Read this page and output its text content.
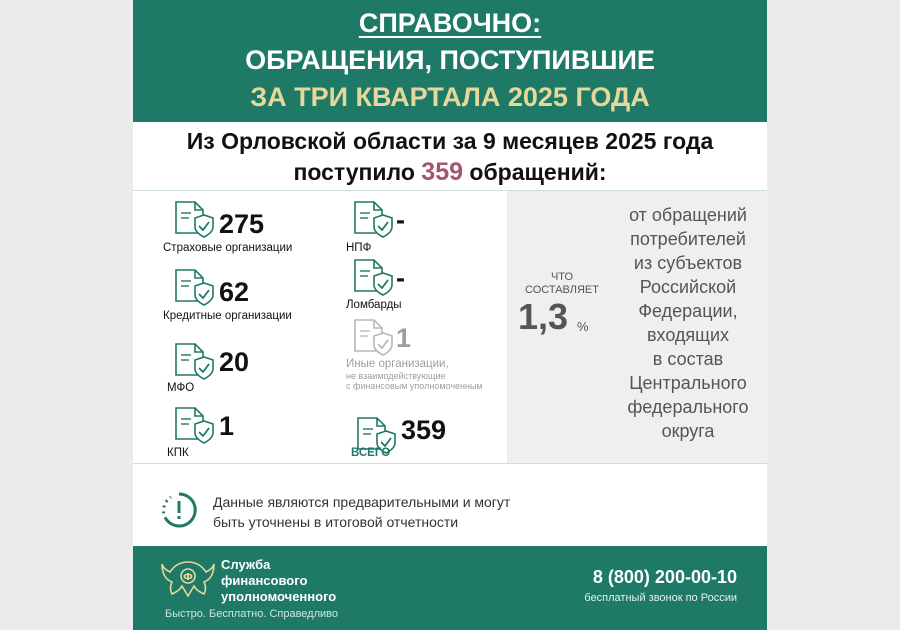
СПРАВОЧНО:
ОБРАЩЕНИЯ, ПОСТУПИВШИЕ
ЗА ТРИ КВАРТАЛА 2025 ГОДА
Из Орловской области за 9 месяцев 2025 года
поступило 359 обращений:
275
Страховые организации
62
Кредитные организации
20
МФО
1
КПК
-
НПФ
-
Ломбарды
1
Иные организации,
не взаимодействующие
с финансовым уполномоченным
359
ВСЕГО
ЧТО
СОСТАВЛЯЕТ
1,3 %
от обращений
потребителей
из субъектов
Российской
Федерации,
входящих
в состав
Центрального
федерального
округа
Данные являются предварительными и могут
быть уточнены в итоговой отчетности
Ф
Служба
финансового
уполномоченного
Быстро. Бесплатно. Справедливо
8 (800) 200-00-10
бесплатный звонок по России
